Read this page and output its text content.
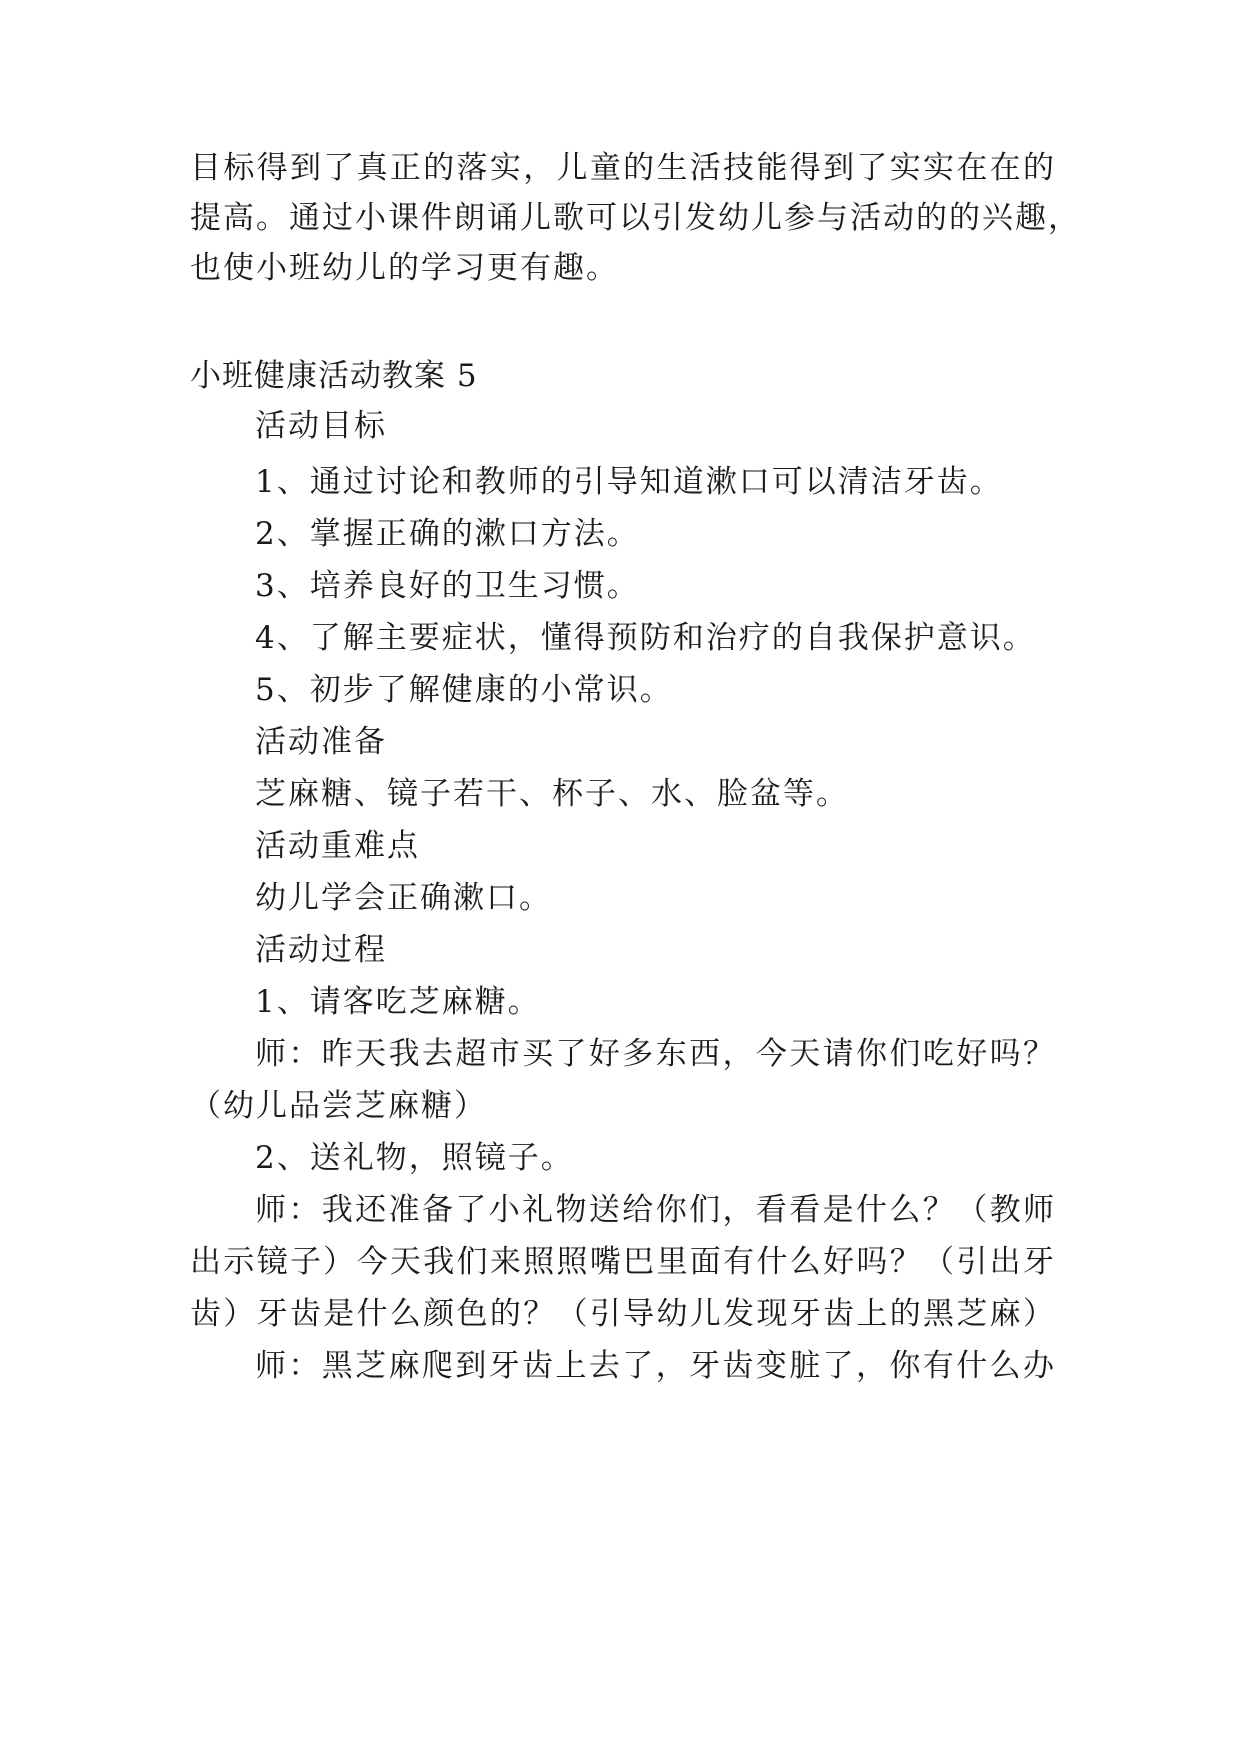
目标得到了真正的落实，儿童的生活技能得到了实实在在的
提高。通过小课件朗诵儿歌可以引发幼儿参与活动的的兴趣，
也使小班幼儿的学习更有趣。
小班健康活动教案 5
活动目标
1、通过讨论和教师的引导知道漱口可以清洁牙齿。
2、掌握正确的漱口方法。
3、培养良好的卫生习惯。
4、了解主要症状，懂得预防和治疗的自我保护意识。
5、初步了解健康的小常识。
活动准备
芝麻糖、镜子若干、杯子、水、脸盆等。
活动重难点
幼儿学会正确漱口。
活动过程
1、请客吃芝麻糖。
师：昨天我去超市买了好多东西，今天请你们吃好吗？
（幼儿品尝芝麻糖）
2、送礼物，照镜子。
师：我还准备了小礼物送给你们，看看是什么？（教师
出示镜子）今天我们来照照嘴巴里面有什么好吗？（引出牙
齿）牙齿是什么颜色的？（引导幼儿发现牙齿上的黑芝麻）
师：黑芝麻爬到牙齿上去了，牙齿变脏了，你有什么办
